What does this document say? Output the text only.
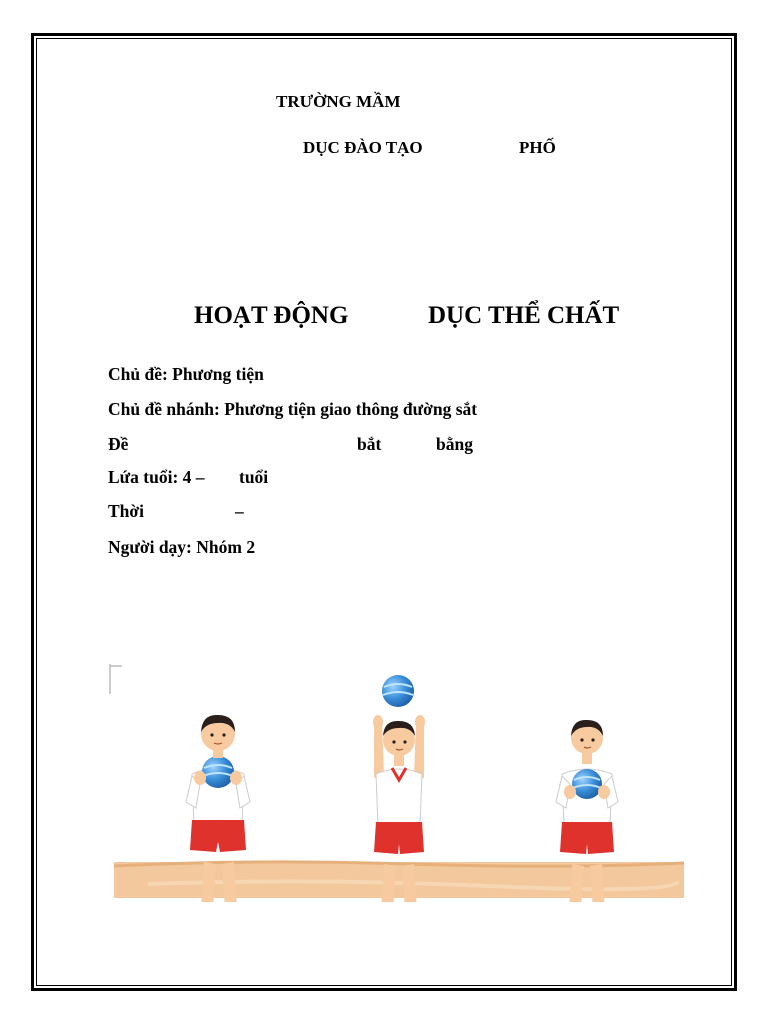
TRƯỜNG MẦM
DỤC ĐÀO TẠO	PHỐ
HOẠT ĐỘNG	DỤC THỂ CHẤT
Chủ đề: Phương tiện
Chủ đề nhánh: Phương tiện giao thông đường sắt
Đề	bắt	bằng
Lứa tuổi: 4 – tuổi
Thời	–
Người dạy: Nhóm 2
